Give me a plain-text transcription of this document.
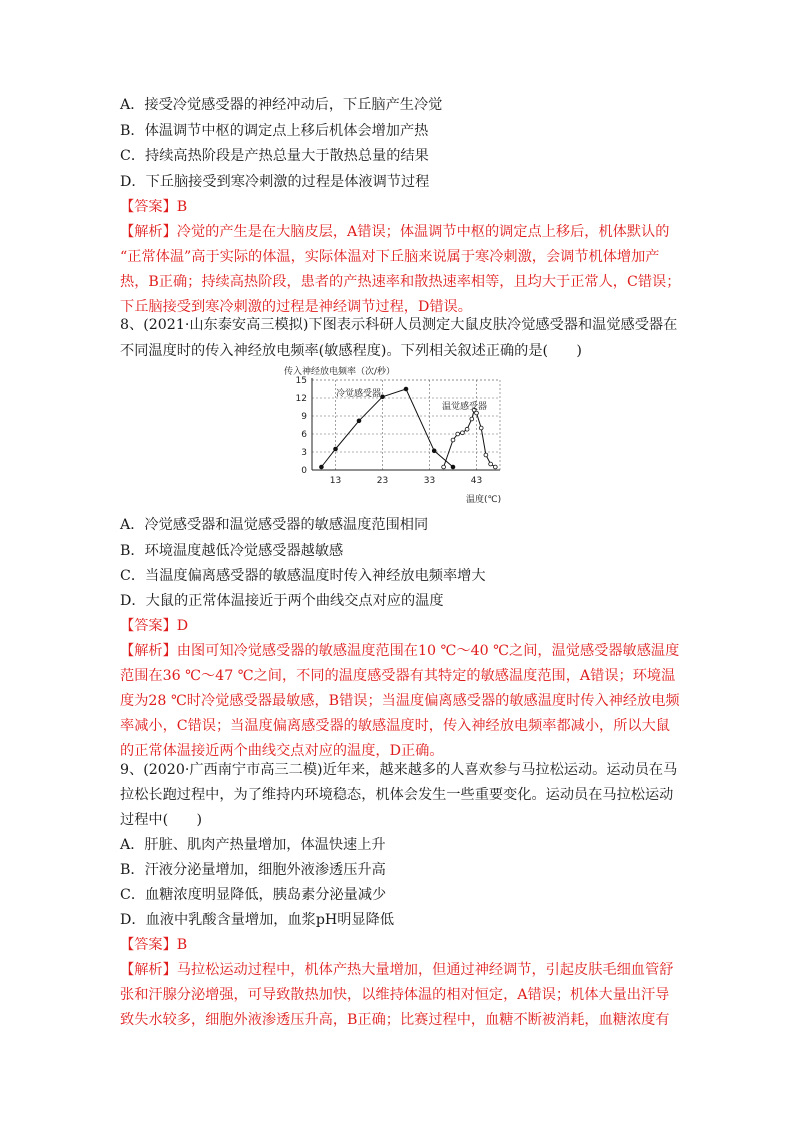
A．接受冷觉感受器的神经冲动后，下丘脑产生冷觉
B．体温调节中枢的调定点上移后机体会增加产热
C．持续高热阶段是产热总量大于散热总量的结果
D．下丘脑接受到寒冷刺激的过程是体液调节过程
【答案】B
【解析】冷觉的产生是在大脑皮层，A错误；体温调节中枢的调定点上移后，机体默认的
“正常体温”高于实际的体温，实际体温对下丘脑来说属于寒冷刺激，会调节机体增加产
热，B正确；持续高热阶段，患者的产热速率和散热速率相等，且均大于正常人，C错误；
下丘脑接受到寒冷刺激的过程是神经调节过程，D错误。
8、(2021·山东泰安高三模拟)下图表示科研人员测定大鼠皮肤冷觉感受器和温觉感受器在
不同温度时的传入神经放电频率(敏感程度)。下列相关叙述正确的是(　　)
传入神经放电频率（次/秒）
温度(℃)
0
3
6
9
12
15
13	23	33	43
冷觉感受器
温觉感受器
A．冷觉感受器和温觉感受器的敏感温度范围相同
B．环境温度越低冷觉感受器越敏感
C．当温度偏离感受器的敏感温度时传入神经放电频率增大
D．大鼠的正常体温接近于两个曲线交点对应的温度
【答案】D
【解析】由图可知冷觉感受器的敏感温度范围在10 ℃～40 ℃之间，温觉感受器敏感温度
范围在36 ℃～47 ℃之间，不同的温度感受器有其特定的敏感温度范围，A错误；环境温
度为28 ℃时冷觉感受器最敏感，B错误；当温度偏离感受器的敏感温度时传入神经放电频
率减小，C错误；当温度偏离感受器的敏感温度时，传入神经放电频率都减小，所以大鼠
的正常体温接近两个曲线交点对应的温度，D正确。
9、(2020·广西南宁市高三二模)近年来，越来越多的人喜欢参与马拉松运动。运动员在马
拉松长跑过程中，为了维持内环境稳态，机体会发生一些重要变化。运动员在马拉松运动
过程中(　　)
A．肝脏、肌肉产热量增加，体温快速上升
B．汗液分泌量增加，细胞外液渗透压升高
C．血糖浓度明显降低，胰岛素分泌量减少
D．血液中乳酸含量增加，血浆pH明显降低
【答案】B
【解析】马拉松运动过程中，机体产热大量增加，但通过神经调节，引起皮肤毛细血管舒
张和汗腺分泌增强，可导致散热加快，以维持体温的相对恒定，A错误；机体大量出汗导
致失水较多，细胞外液渗透压升高，B正确；比赛过程中，血糖不断被消耗，血糖浓度有
